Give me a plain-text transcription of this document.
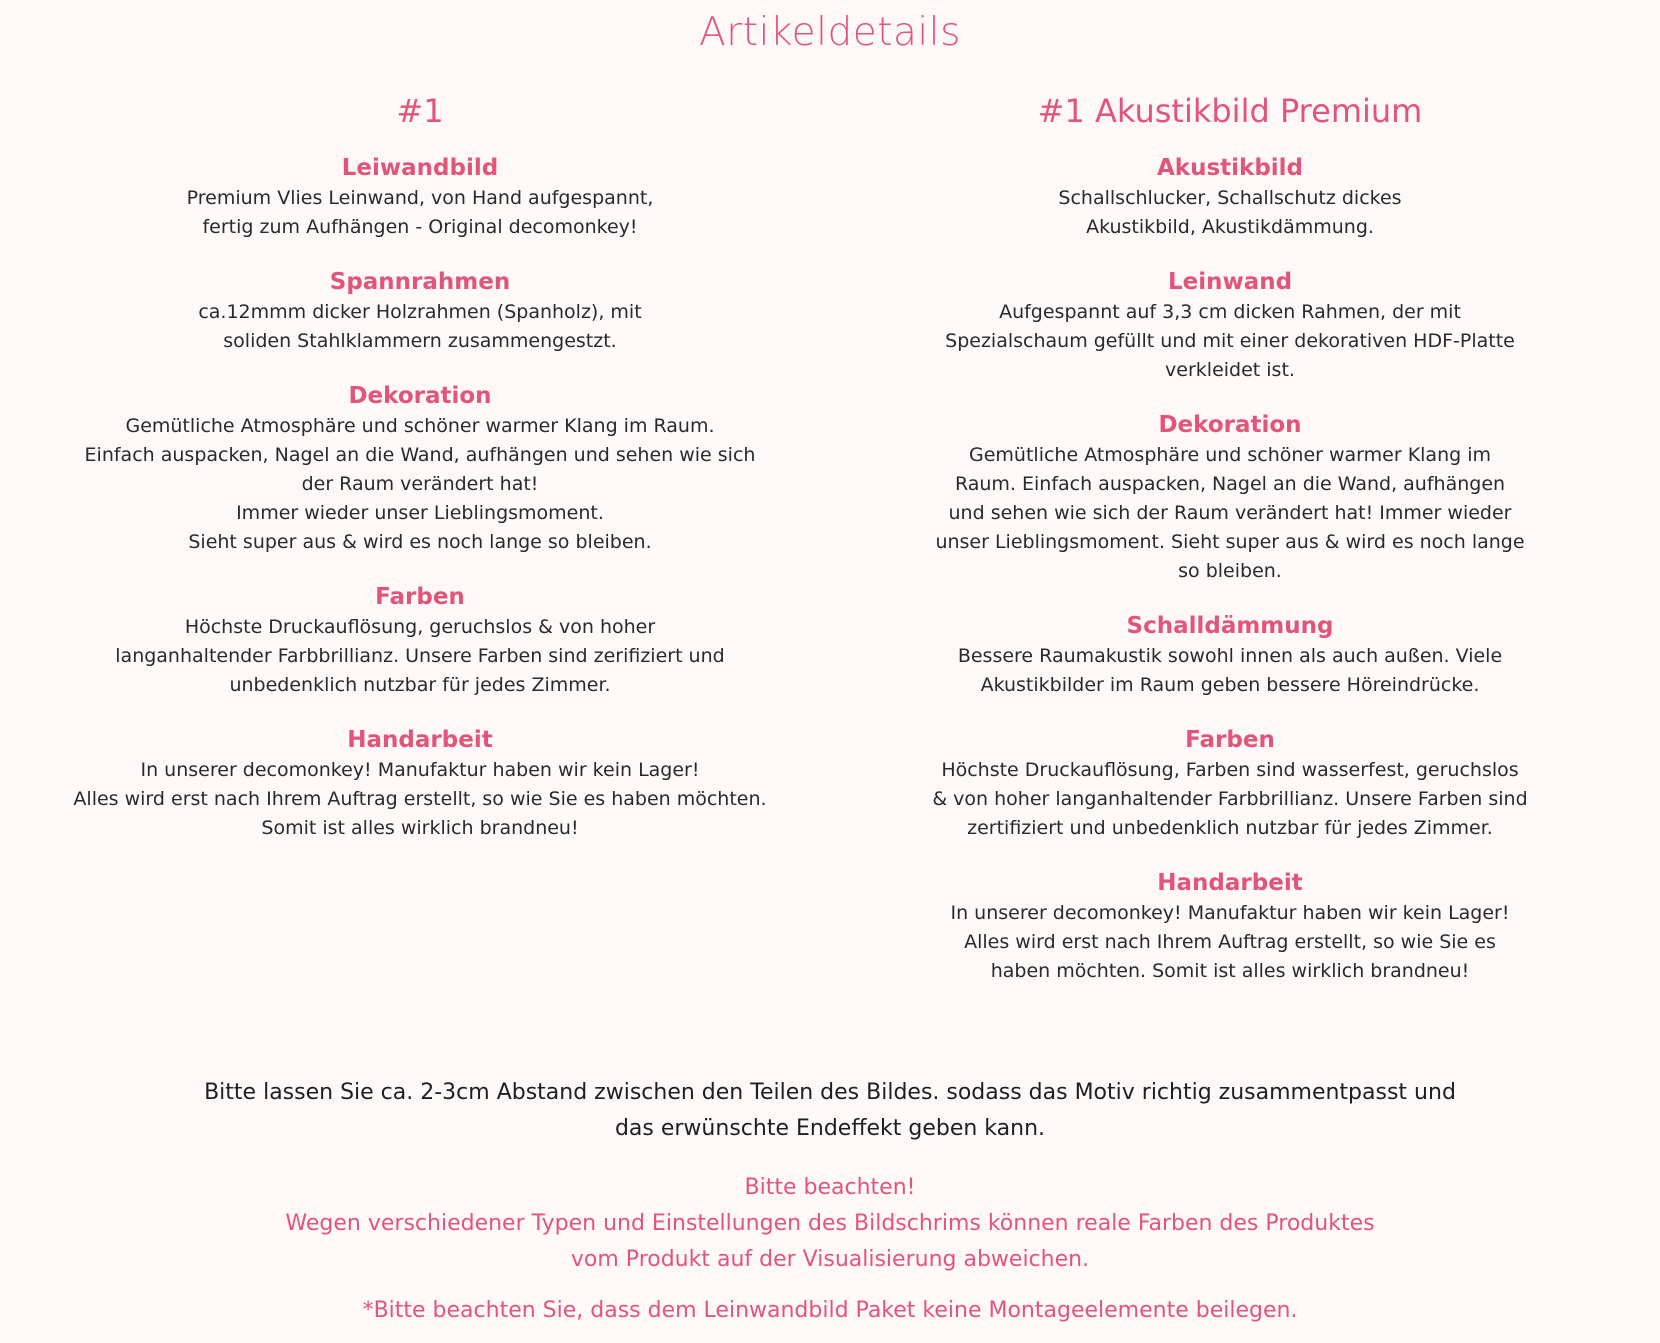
Artikeldetails
#1
Leiwandbild
Premium Vlies Leinwand, von Hand aufgespannt,
fertig zum Aufhängen - Original decomonkey!
Spannrahmen
ca.12mmm dicker Holzrahmen (Spanholz), mit
soliden Stahlklammern zusammengestzt.
Dekoration
Gemütliche Atmosphäre und schöner warmer Klang im Raum.
Einfach auspacken, Nagel an die Wand, aufhängen und sehen wie sich
der Raum verändert hat!
Immer wieder unser Lieblingsmoment.
Sieht super aus & wird es noch lange so bleiben.
Farben
Höchste Druckauflösung, geruchslos & von hoher
langanhaltender Farbbrillianz. Unsere Farben sind zerifiziert und
unbedenklich nutzbar für jedes Zimmer.
Handarbeit
In unserer decomonkey! Manufaktur haben wir kein Lager!
Alles wird erst nach Ihrem Auftrag erstellt, so wie Sie es haben möchten.
Somit ist alles wirklich brandneu!
#1 Akustikbild Premium
Akustikbild
Schallschlucker, Schallschutz dickes
Akustikbild, Akustikdämmung.
Leinwand
Aufgespannt auf 3,3 cm dicken Rahmen, der mit
Spezialschaum gefüllt und mit einer dekorativen HDF-Platte
verkleidet ist.
Dekoration
Gemütliche Atmosphäre und schöner warmer Klang im
Raum. Einfach auspacken, Nagel an die Wand, aufhängen
und sehen wie sich der Raum verändert hat! Immer wieder
unser Lieblingsmoment. Sieht super aus & wird es noch lange
so bleiben.
Schalldämmung
Bessere Raumakustik sowohl innen als auch außen. Viele
Akustikbilder im Raum geben bessere Höreindrücke.
Farben
Höchste Druckauflösung, Farben sind wasserfest, geruchslos
& von hoher langanhaltender Farbbrillianz. Unsere Farben sind
zertifiziert und unbedenklich nutzbar für jedes Zimmer.
Handarbeit
In unserer decomonkey! Manufaktur haben wir kein Lager!
Alles wird erst nach Ihrem Auftrag erstellt, so wie Sie es
haben möchten. Somit ist alles wirklich brandneu!
Bitte lassen Sie ca. 2-3cm Abstand zwischen den Teilen des Bildes. sodass das Motiv richtig zusammentpasst und
das erwünschte Endeffekt geben kann.
Bitte beachten!
Wegen verschiedener Typen und Einstellungen des Bildschrims können reale Farben des Produktes
vom Produkt auf der Visualisierung abweichen.
*Bitte beachten Sie, dass dem Leinwandbild Paket keine Montageelemente beilegen.
